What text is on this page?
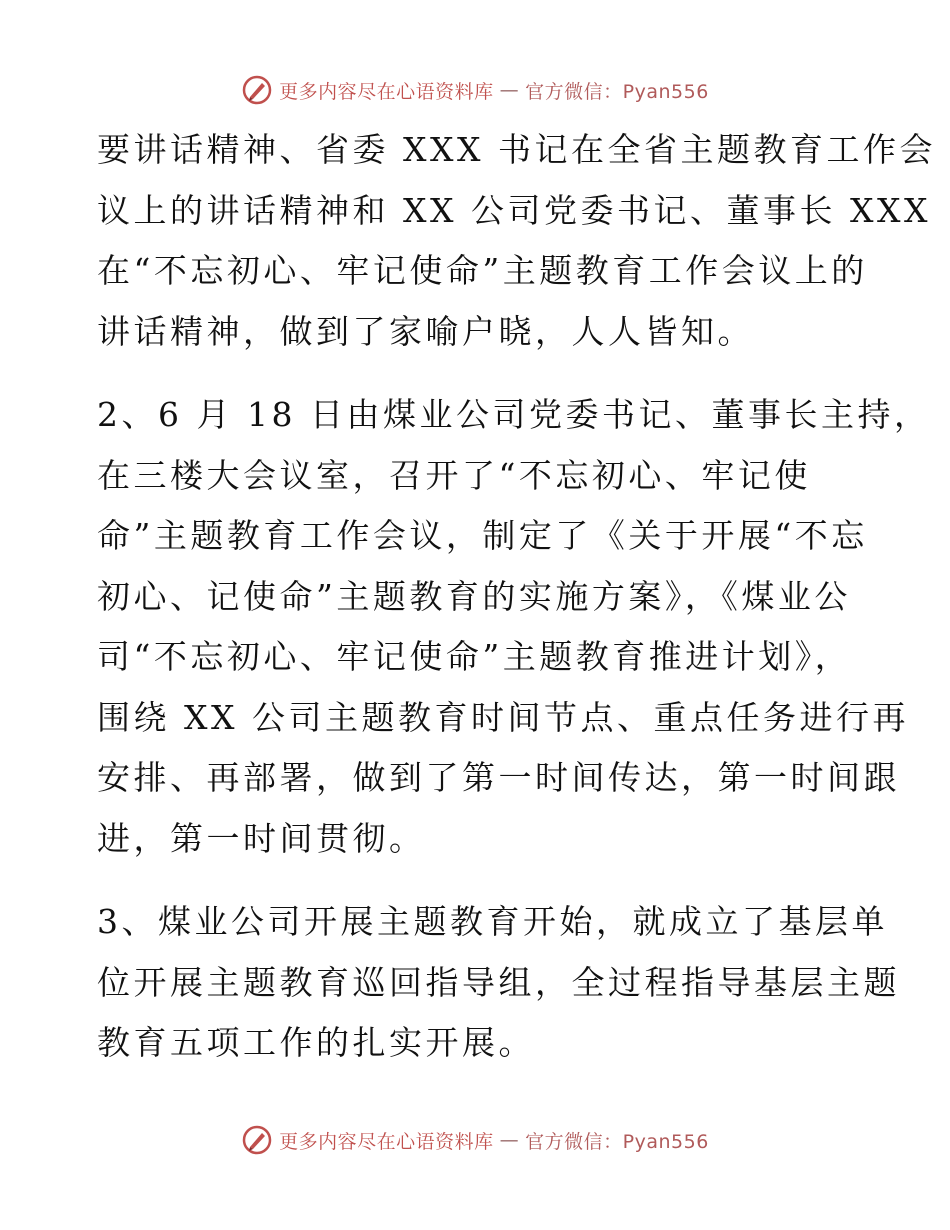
更多内容尽在心语资料库 — 官方微信：Pyan556
要讲话精神、省委 XXX 书记在全省主题教育工作会
议上的讲话精神和 XX 公司党委书记、董事长 XXX
在“不忘初心、牢记使命”主题教育工作会议上的
讲话精神，做到了家喻户晓，人人皆知。
2、6 月 18 日由煤业公司党委书记、董事长主持，
在三楼大会议室，召开了“不忘初心、牢记使
命”主题教育工作会议，制定了《关于开展“不忘
初心、记使命”主题教育的实施方案》，《煤业公
司“不忘初心、牢记使命”主题教育推进计划》，
围绕 XX 公司主题教育时间节点、重点任务进行再
安排、再部署，做到了第一时间传达，第一时间跟
进，第一时间贯彻。
3、煤业公司开展主题教育开始，就成立了基层单
位开展主题教育巡回指导组，全过程指导基层主题
教育五项工作的扎实开展。
更多内容尽在心语资料库 — 官方微信：Pyan556
